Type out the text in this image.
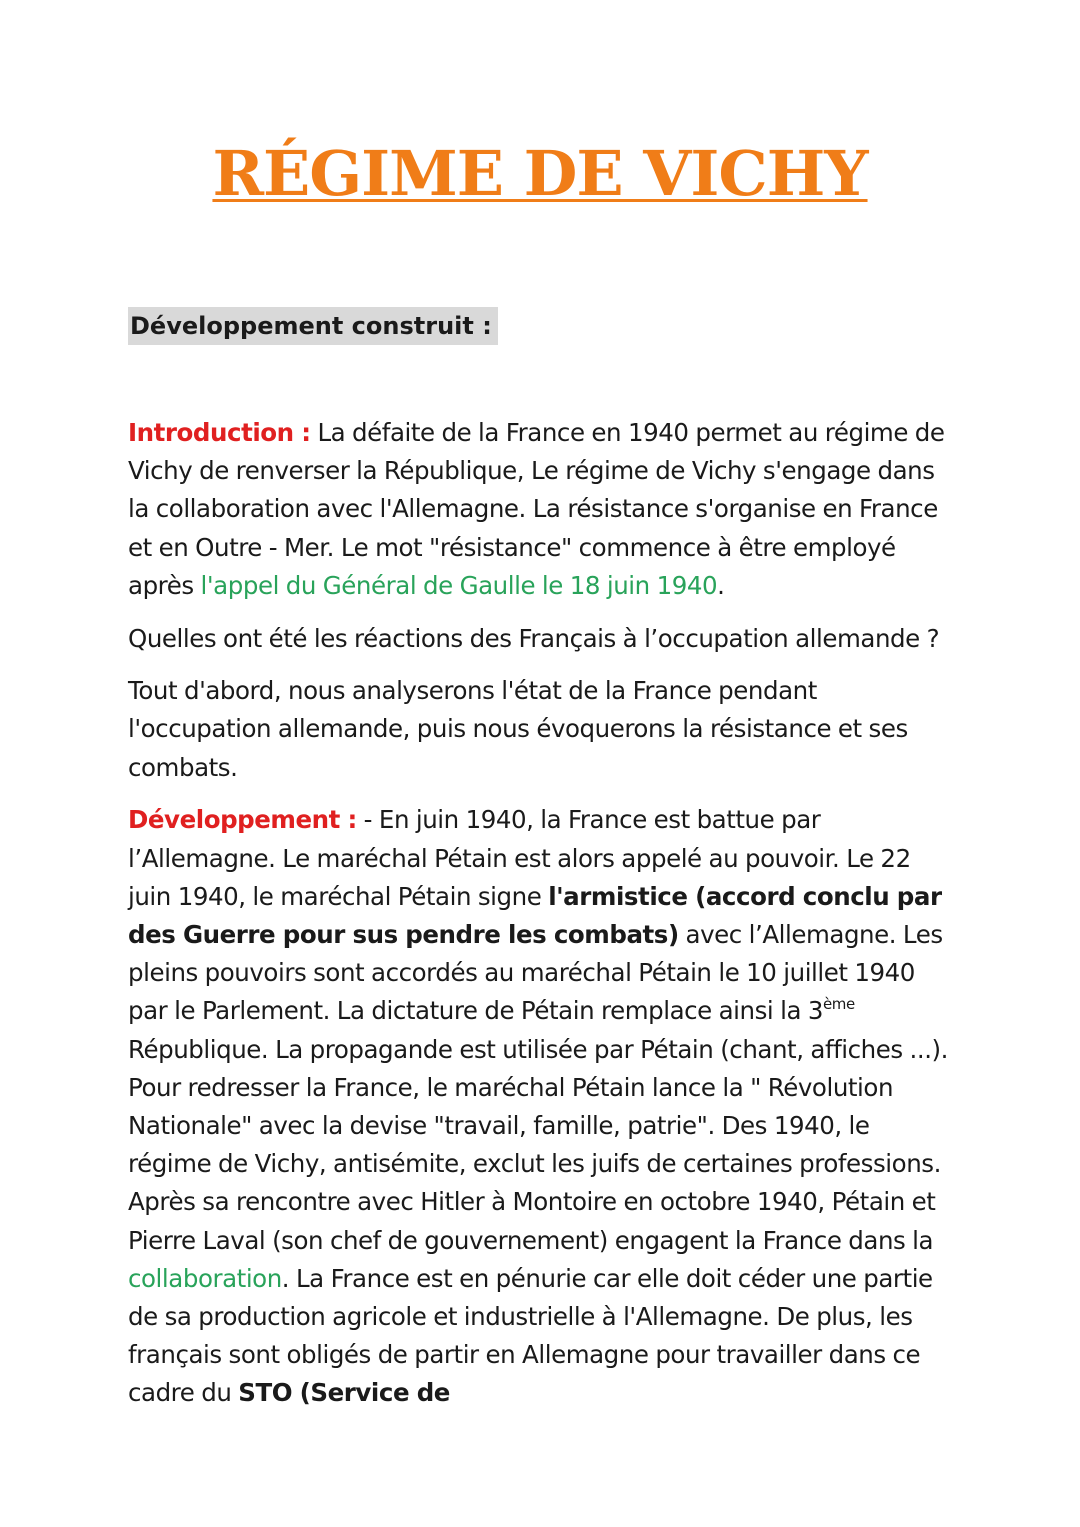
RÉGIME DE VICHY
Développement construit :

Introduction : La défaite de la France en 1940 permet au régime de Vichy de renverser la République, Le régime de Vichy s'engage dans la collaboration avec l'Allemagne. La résistance s'organise en France et en Outre - Mer. Le mot "résistance" commence à être employé après l'appel du Général de Gaulle le 18 juin 1940.

Quelles ont été les réactions des Français à l’occupation allemande ?

Tout d'abord, nous analyserons l'état de la France pendant l'occupation allemande, puis nous évoquerons la résistance et ses combats.

Développement : - En juin 1940, la France est battue par l’Allemagne. Le maréchal Pétain est alors appelé au pouvoir. Le 22 juin 1940, le maréchal Pétain signe l'armistice (accord conclu par des Guerre pour sus pendre les combats) avec l’Allemagne. Les pleins pouvoirs sont accordés au maréchal Pétain le 10 juillet 1940 par le Parlement. La dictature de Pétain remplace ainsi la 3ème République. La propagande est utilisée par Pétain (chant, affiches ...). Pour redresser la France, le maréchal Pétain lance la " Révolution Nationale" avec la devise "travail, famille, patrie". Des 1940, le régime de Vichy, antisémite, exclut les juifs de certaines professions. Après sa rencontre avec Hitler à Montoire en octobre 1940, Pétain et Pierre Laval (son chef de gouvernement) engagent la France dans la collaboration. La France est en pénurie car elle doit céder une partie de sa production agricole et industrielle à l'Allemagne. De plus, les français sont obligés de partir en Allemagne pour travailler dans ce cadre du STO (Service de
